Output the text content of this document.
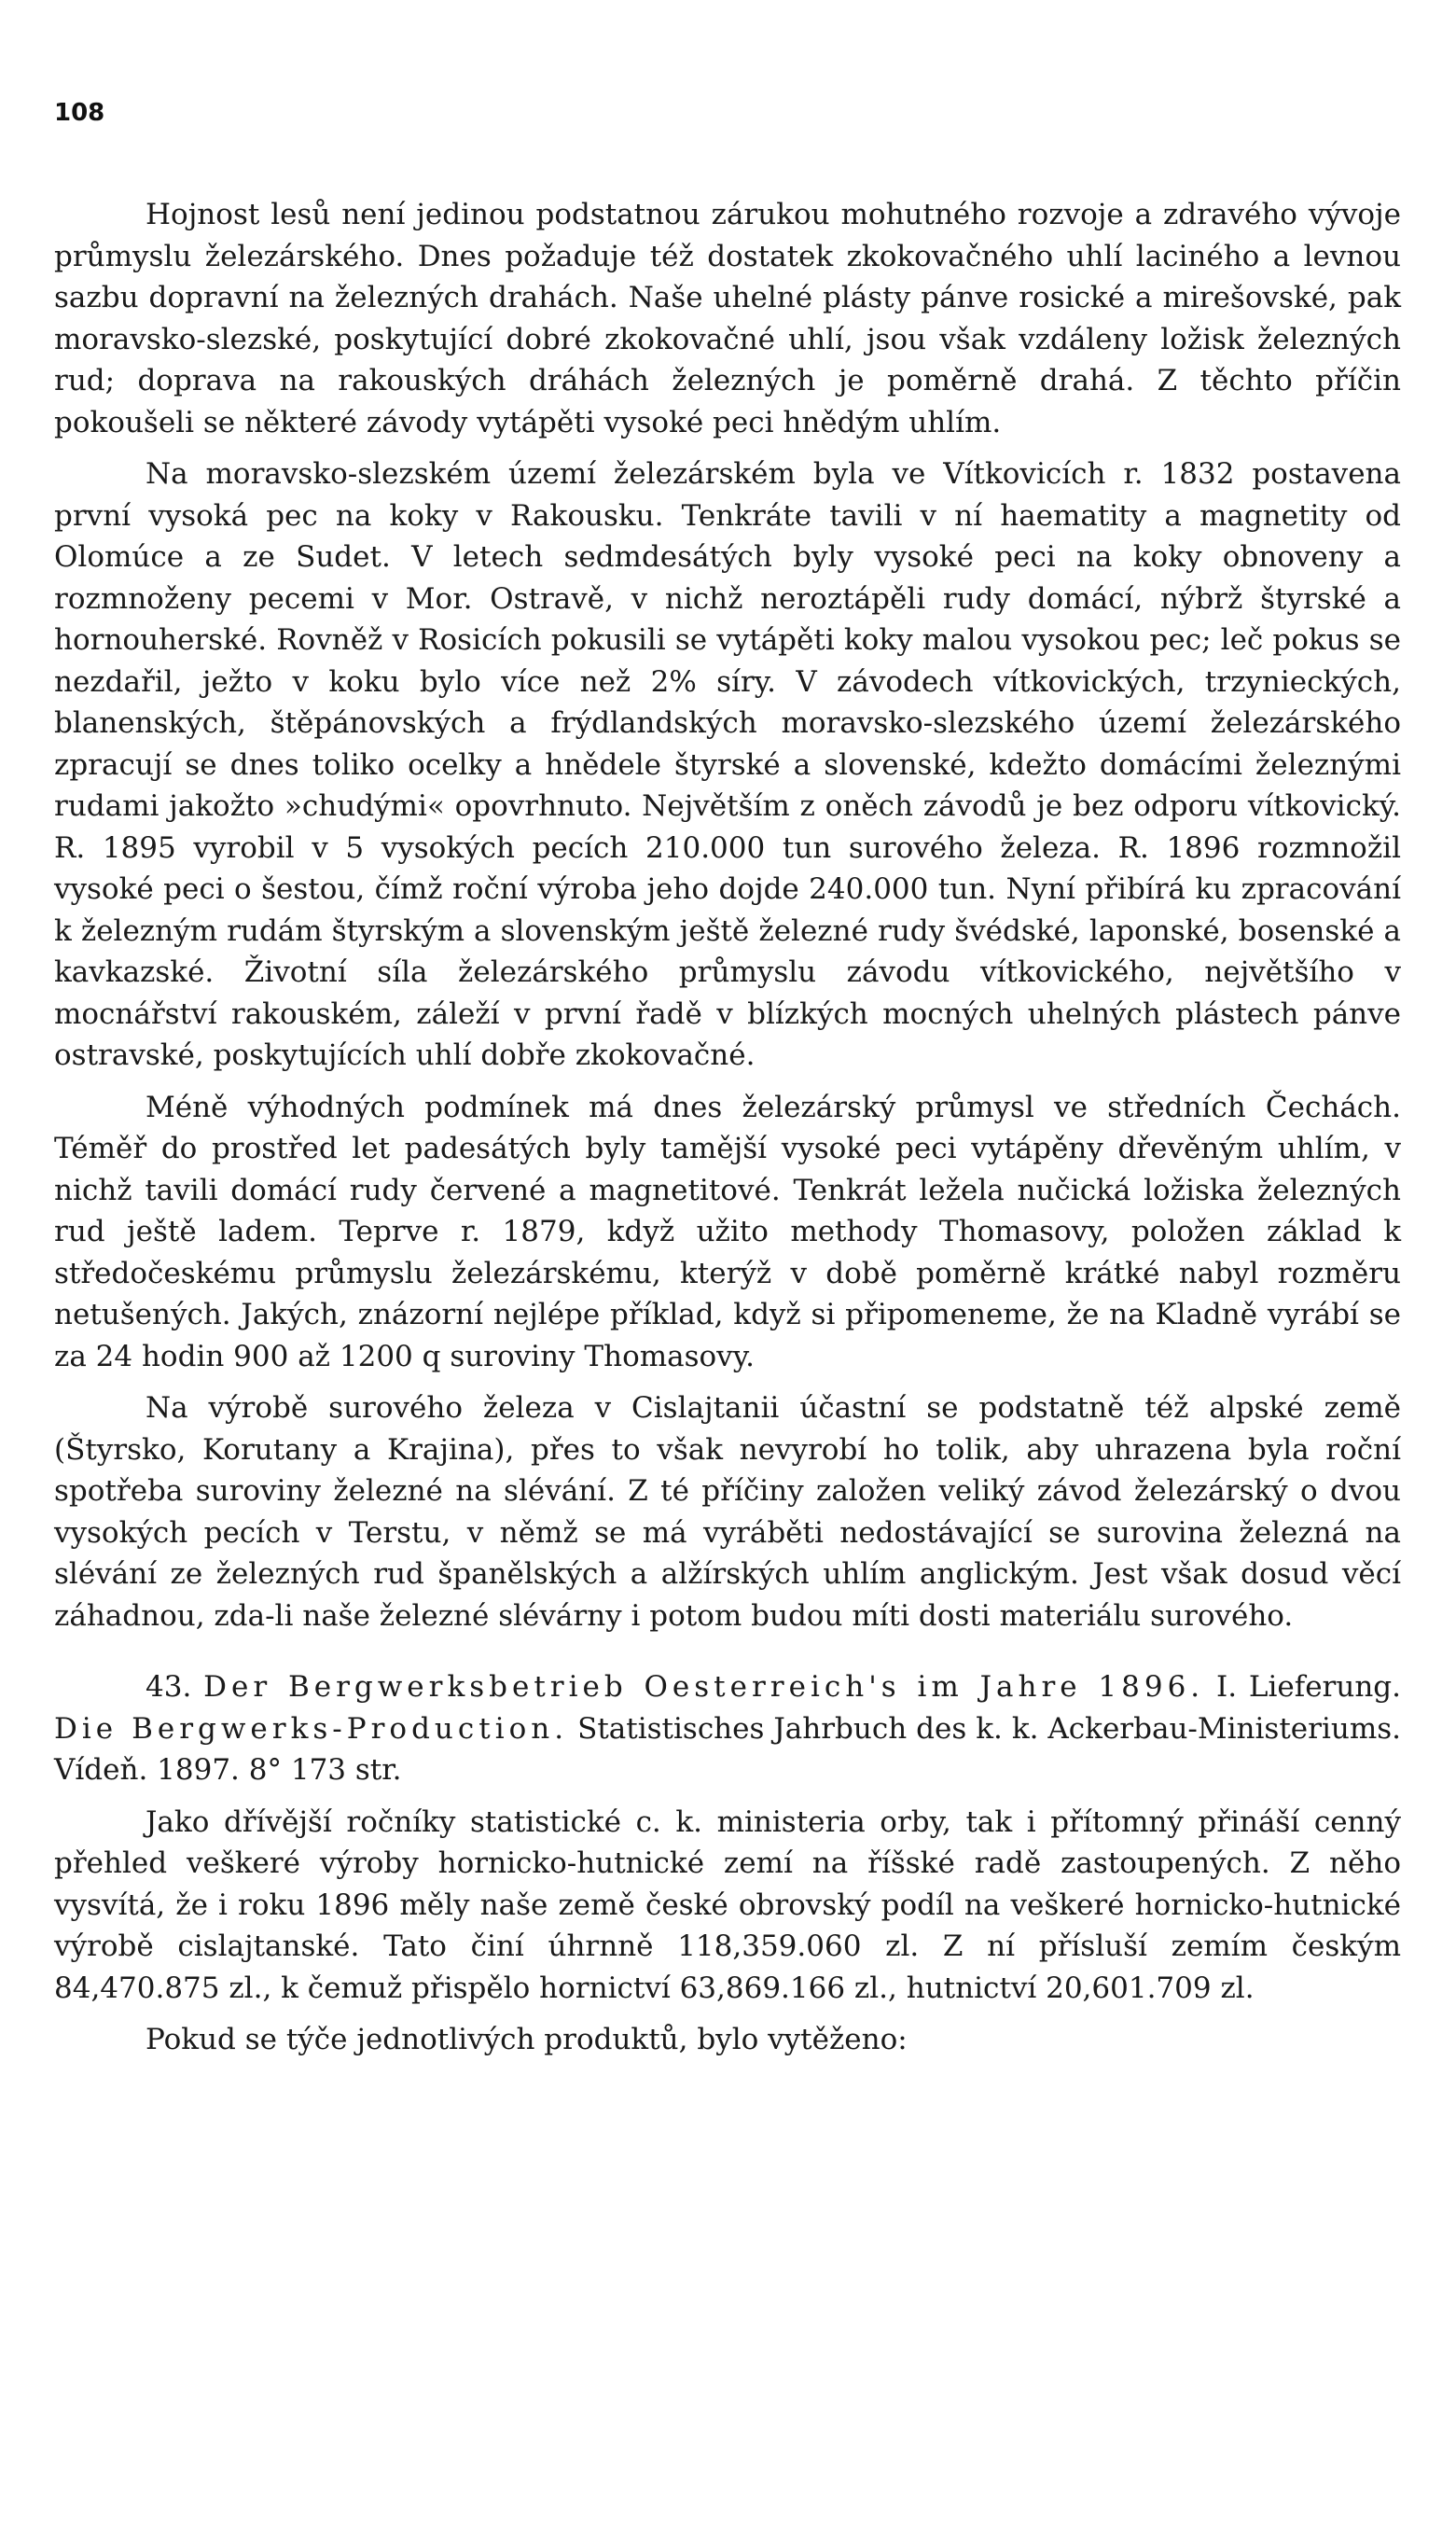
108

Hojnost lesů není jedinou podstatnou zárukou mohutného rozvoje a zdravého vývoje průmyslu železárského. Dnes požaduje též dostatek zkokovačného uhlí laciného a levnou sazbu dopravní na železných drahách. Naše uhelné plásty pánve rosické a mirešovské, pak moravsko-slezské, poskytující dobré zkokovačné uhlí, jsou však vzdáleny ložisk železných rud; doprava na rakouských dráhách železných je poměrně drahá. Z těchto příčin pokoušeli se některé závody vytápěti vysoké peci hnědým uhlím.

Na moravsko-slezském území železárském byla ve Vítkovicích r. 1832 postavena první vysoká pec na koky v Rakousku. Tenkráte tavili v ní haematity a magnetity od Olomúce a ze Sudet. V letech sedmdesátých byly vysoké peci na koky obnoveny a rozmnoženy pecemi v Mor. Ostravě, v nichž neroztápěli rudy domácí, nýbrž štyrské a hornouherské. Rovněž v Rosicích pokusili se vytápěti koky malou vysokou pec; leč pokus se nezdařil, ježto v koku bylo více než 2% síry. V závodech vítkovických, trzynieckých, blanenských, štěpánovských a frýdlandských moravsko-slezského území železárského zpracují se dnes toliko ocelky a hnědele štyrské a slovenské, kdežto domácími železnými rudami jakožto »chudými« opovrhnuto. Největším z oněch závodů je bez odporu vítkovický. R. 1895 vyrobil v 5 vysokých pecích 210.000 tun surového železa. R. 1896 rozmnožil vysoké peci o šestou, čímž roční výroba jeho dojde 240.000 tun. Nyní přibírá ku zpracování k železným rudám štyrským a slovenským ještě železné rudy švédské, laponské, bosenské a kavkazské. Životní síla železárského průmyslu závodu vítkovického, největšího v mocnářství rakouském, záleží v první řadě v blízkých mocných uhelných plástech pánve ostravské, poskytujících uhlí dobře zkokovačné.

Méně výhodných podmínek má dnes železárský průmysl ve středních Čechách. Téměř do prostřed let padesátých byly tamější vysoké peci vytápěny dřevěným uhlím, v nichž tavili domácí rudy červené a magnetitové. Tenkrát ležela nučická ložiska železných rud ještě ladem. Teprve r. 1879, když užito methody Thomasovy, položen základ k středočeskému průmyslu železárskému, kterýž v době poměrně krátké nabyl rozměru netušených. Jakých, znázorní nejlépe příklad, když si připomeneme, že na Kladně vyrábí se za 24 hodin 900 až 1200 q suroviny Thomasovy.

Na výrobě surového železa v Cislajtanii účastní se podstatně též alpské země (Štyrsko, Korutany a Krajina), přes to však nevyrobí ho tolik, aby uhrazena byla roční spotřeba suroviny železné na slévání. Z té příčiny založen veliký závod železárský o dvou vysokých pecích v Terstu, v němž se má vyráběti nedostávající se surovina železná na slévání ze železných rud španělských a alžírských uhlím anglickým. Jest však dosud věcí záhadnou, zda-li naše železné slévárny i potom budou míti dosti materiálu surového.

43. Der Bergwerksbetrieb Oesterreich's im Jahre 1896. I. Lieferung. Die Bergwerks-Production. Statistisches Jahrbuch des k. k. Ackerbau-Ministeriums. Vídeň. 1897. 8° 173 str.

Jako dřívější ročníky statistické c. k. ministeria orby, tak i přítomný přináší cenný přehled veškeré výroby hornicko-hutnické zemí na říšské radě zastoupených. Z něho vysvítá, že i roku 1896 měly naše země české obrovský podíl na veškeré hornicko-hutnické výrobě cislajtanské. Tato činí úhrnně 118,359.060 zl. Z ní přísluší zemím českým 84,470.875 zl., k čemuž přispělo hornictví 63,869.166 zl., hutnictví 20,601.709 zl.

Pokud se týče jednotlivých produktů, bylo vytěženo:
